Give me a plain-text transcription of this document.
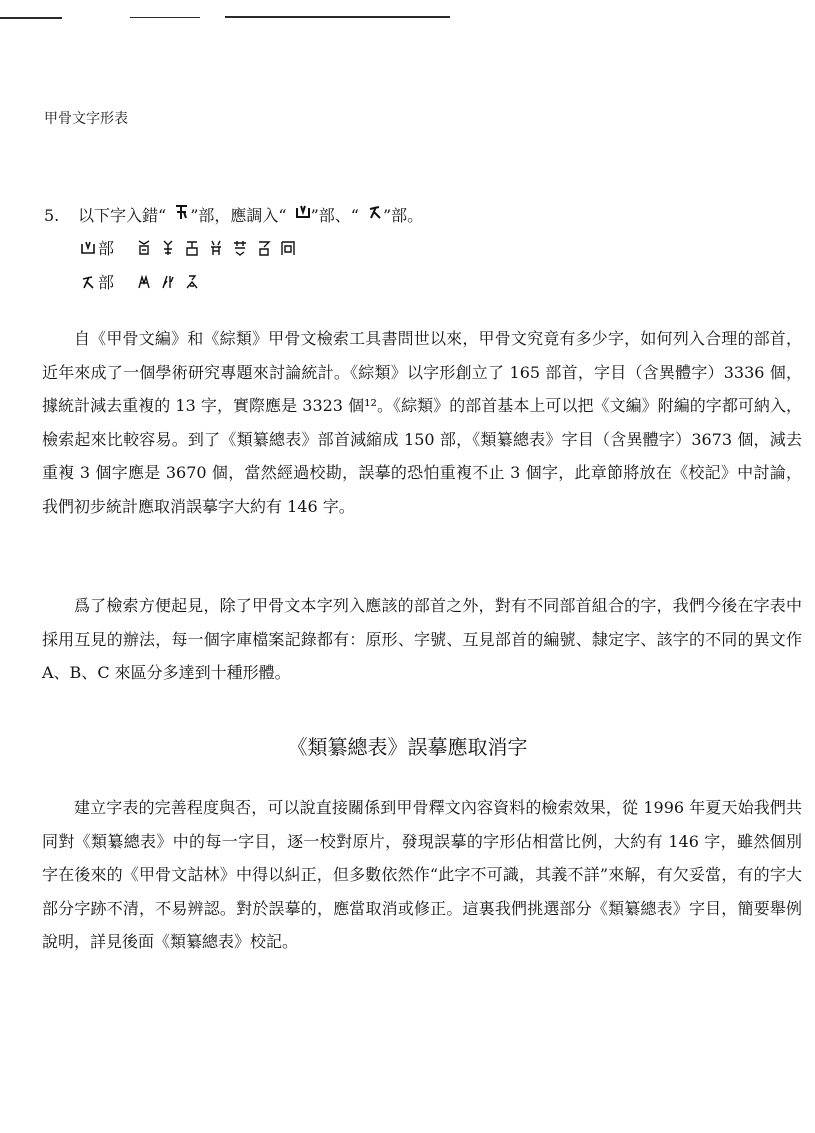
甲骨文字形表
5. 以下字入錯“ ”部，應調入“ ”部、“ ”部。
部
部

自《甲骨文編》和《綜類》甲骨文檢索工具書問世以來，甲骨文究竟有多少字，如何列入合理的部首，近年來成了一個學術研究專題來討論統計。《綜類》以字形創立了 165 部首，字目（含異體字）3336 個，據統計減去重複的 13 字，實際應是 3323 個¹²。《綜類》的部首基本上可以把《文編》附編的字都可納入，檢索起來比較容易。到了《類纂總表》部首減縮成 150 部，《類纂總表》字目（含異體字）3673 個，減去重複 3 個字應是 3670 個，當然經過校勘，誤摹的恐怕重複不止 3 個字，此章節將放在《校記》中討論，我們初步統計應取消誤摹字大約有 146 字。

爲了檢索方便起見，除了甲骨文本字列入應該的部首之外，對有不同部首組合的字，我們今後在字表中採用互見的辦法，每一個字庫檔案記錄都有：原形、字號、互見部首的編號、隸定字、該字的不同的異文作 A、B、C 來區分多達到十種形體。

《類纂總表》誤摹應取消字

建立字表的完善程度與否，可以說直接關係到甲骨釋文內容資料的檢索效果，從 1996 年夏天始我們共同對《類纂總表》中的每一字目，逐一校對原片，發現誤摹的字形佔相當比例，大約有 146 字，雖然個別字在後來的《甲骨文詁林》中得以糾正，但多數依然作“此字不可識，其義不詳”來解，有欠妥當，有的字大部分字跡不清，不易辨認。對於誤摹的，應當取消或修正。這裏我們挑選部分《類纂總表》字目，簡要舉例說明，詳見後面《類纂總表》校記。
